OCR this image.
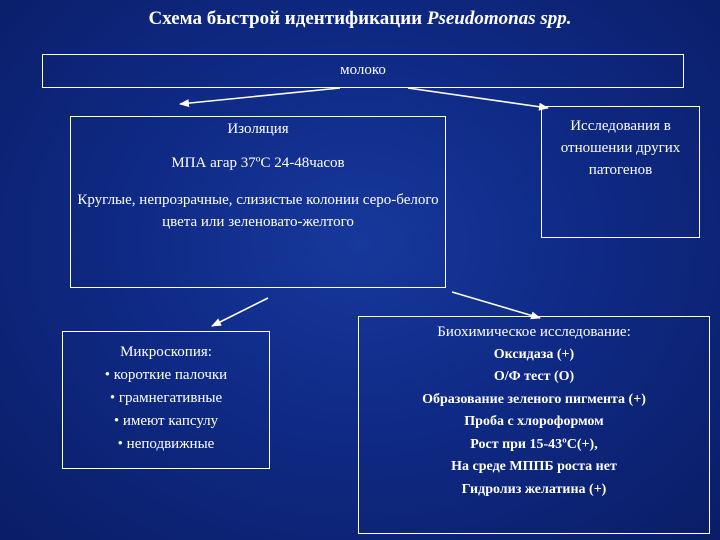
Схема быстрой идентификации Pseudomonas spp.
молоко
Изоляция
МПА агар 37ºС 24-48часов
Круглые, непрозрачные, слизистые колонии серо-белого цвета или зеленовато-желтого
Исследования в отношении других патогенов
Микроскопия:
• короткие палочки
• грамнегативные
• имеют капсулу
• неподвижные
Биохимическое исследование:
Оксидаза (+)
О/Ф тест (О)
Образование зеленого пигмента (+)
Проба с хлороформом
Рост при 15-43ºС(+),
На среде МППБ роста нет
Гидролиз желатина (+)
